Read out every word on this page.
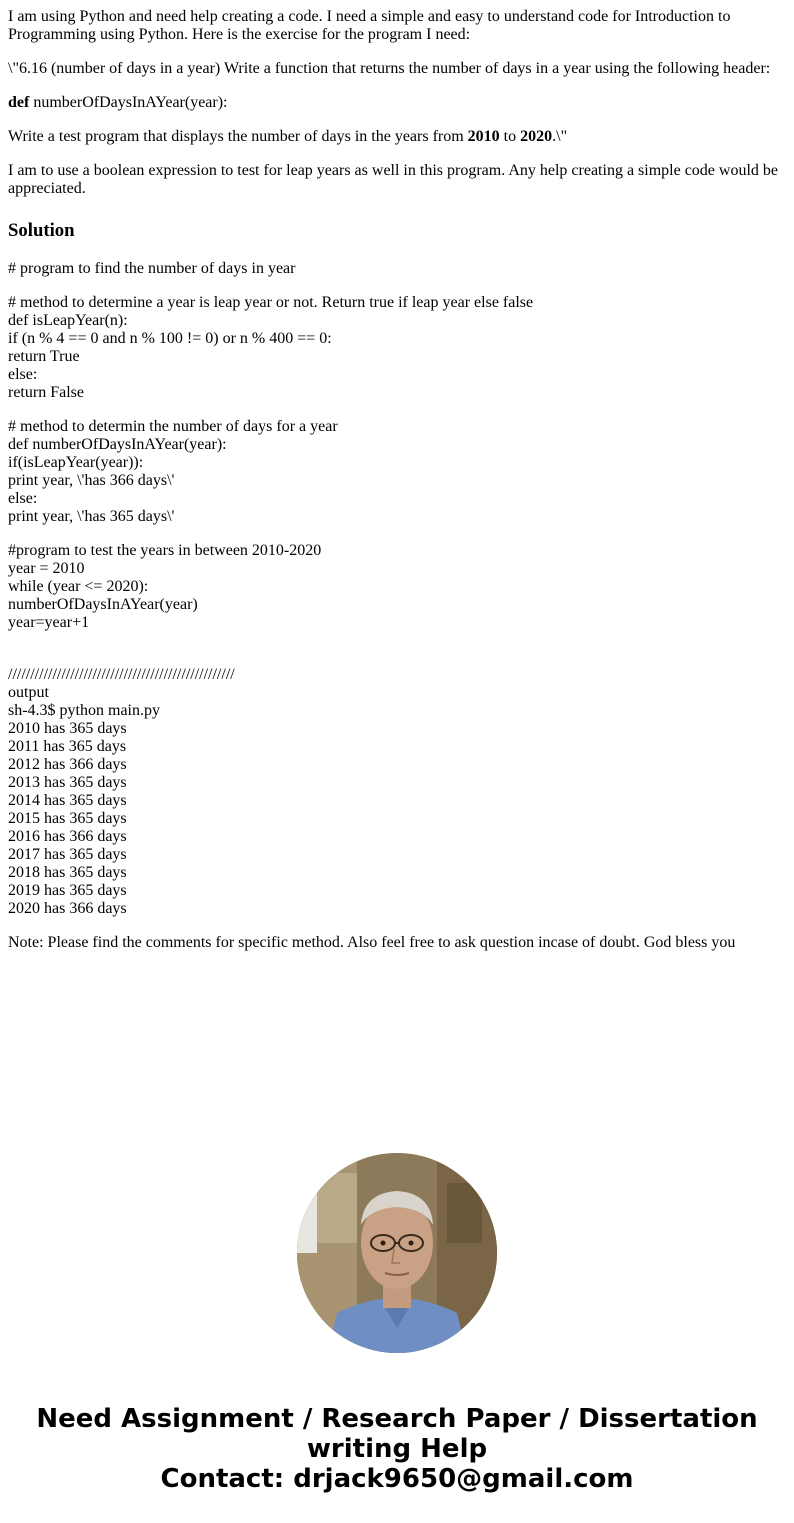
I am using Python and need help creating a code. I need a simple and easy to understand code for Introduction to Programming using Python. Here is the exercise for the program I need:

\"6.16 (number of days in a year) Write a function that returns the number of days in a year using the following header:

def numberOfDaysInAYear(year):

Write a test program that displays the number of days in the years from 2010 to 2020.\"

I am to use a boolean expression to test for leap years as well in this program. Any help creating a simple code would be appreciated.

Solution
# program to find the number of days in year
# method to determine a year is leap year or not. Return true if leap year else false
def isLeapYear(n):
if (n % 4 == 0 and n % 100 != 0) or n % 400 == 0:
return True
else:
return False
# method to determin the number of days for a year
def numberOfDaysInAYear(year):
if(isLeapYear(year)):
print year, \'has 366 days\'
else:
print year, \'has 365 days\'
#program to test the years in between 2010-2020
year = 2010
while (year <= 2020):
numberOfDaysInAYear(year)
year=year+1
///////////////////////////////////////////////////
output
sh-4.3$ python main.py
2010 has 365 days
2011 has 365 days
2012 has 366 days
2013 has 365 days
2014 has 365 days
2015 has 365 days
2016 has 366 days
2017 has 365 days
2018 has 365 days
2019 has 365 days
2020 has 366 days
Note: Please find the comments for specific method. Also feel free to ask question incase of doubt. God bless you
Need Assignment / Research Paper / Dissertation
writing Help
Contact: drjack9650@gmail.com
